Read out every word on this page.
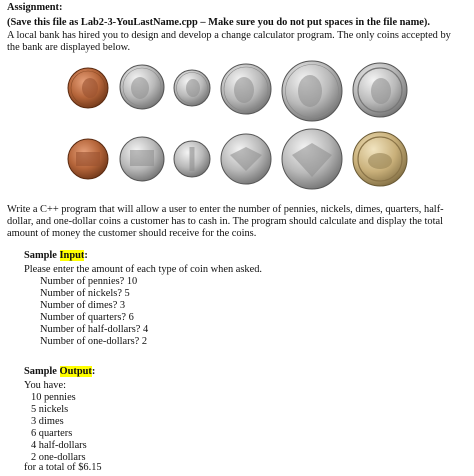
Assignment:
(Save this file as Lab2-3-YouLastName.cpp – Make sure you do not put spaces in the file name).
A local bank has hired you to design and develop a change calculator program. The only coins accepted by the bank are displayed below.
Write a C++ program that will allow a user to enter the number of pennies, nickels, dimes, quarters, half-dollar, and one-dollar coins a customer has to cash in. The program should calculate and display the total amount of money the customer should receive for the coins.
Sample Input:
Please enter the amount of each type of coin when asked.
Number of pennies? 10
Number of nickels? 5
Number of dimes? 3
Number of quarters? 6
Number of half-dollars? 4
Number of one-dollars? 2
Sample Output:
You have:
10 pennies
5 nickels
3 dimes
6 quarters
4 half-dollars
2 one-dollars
for a total of $6.15
